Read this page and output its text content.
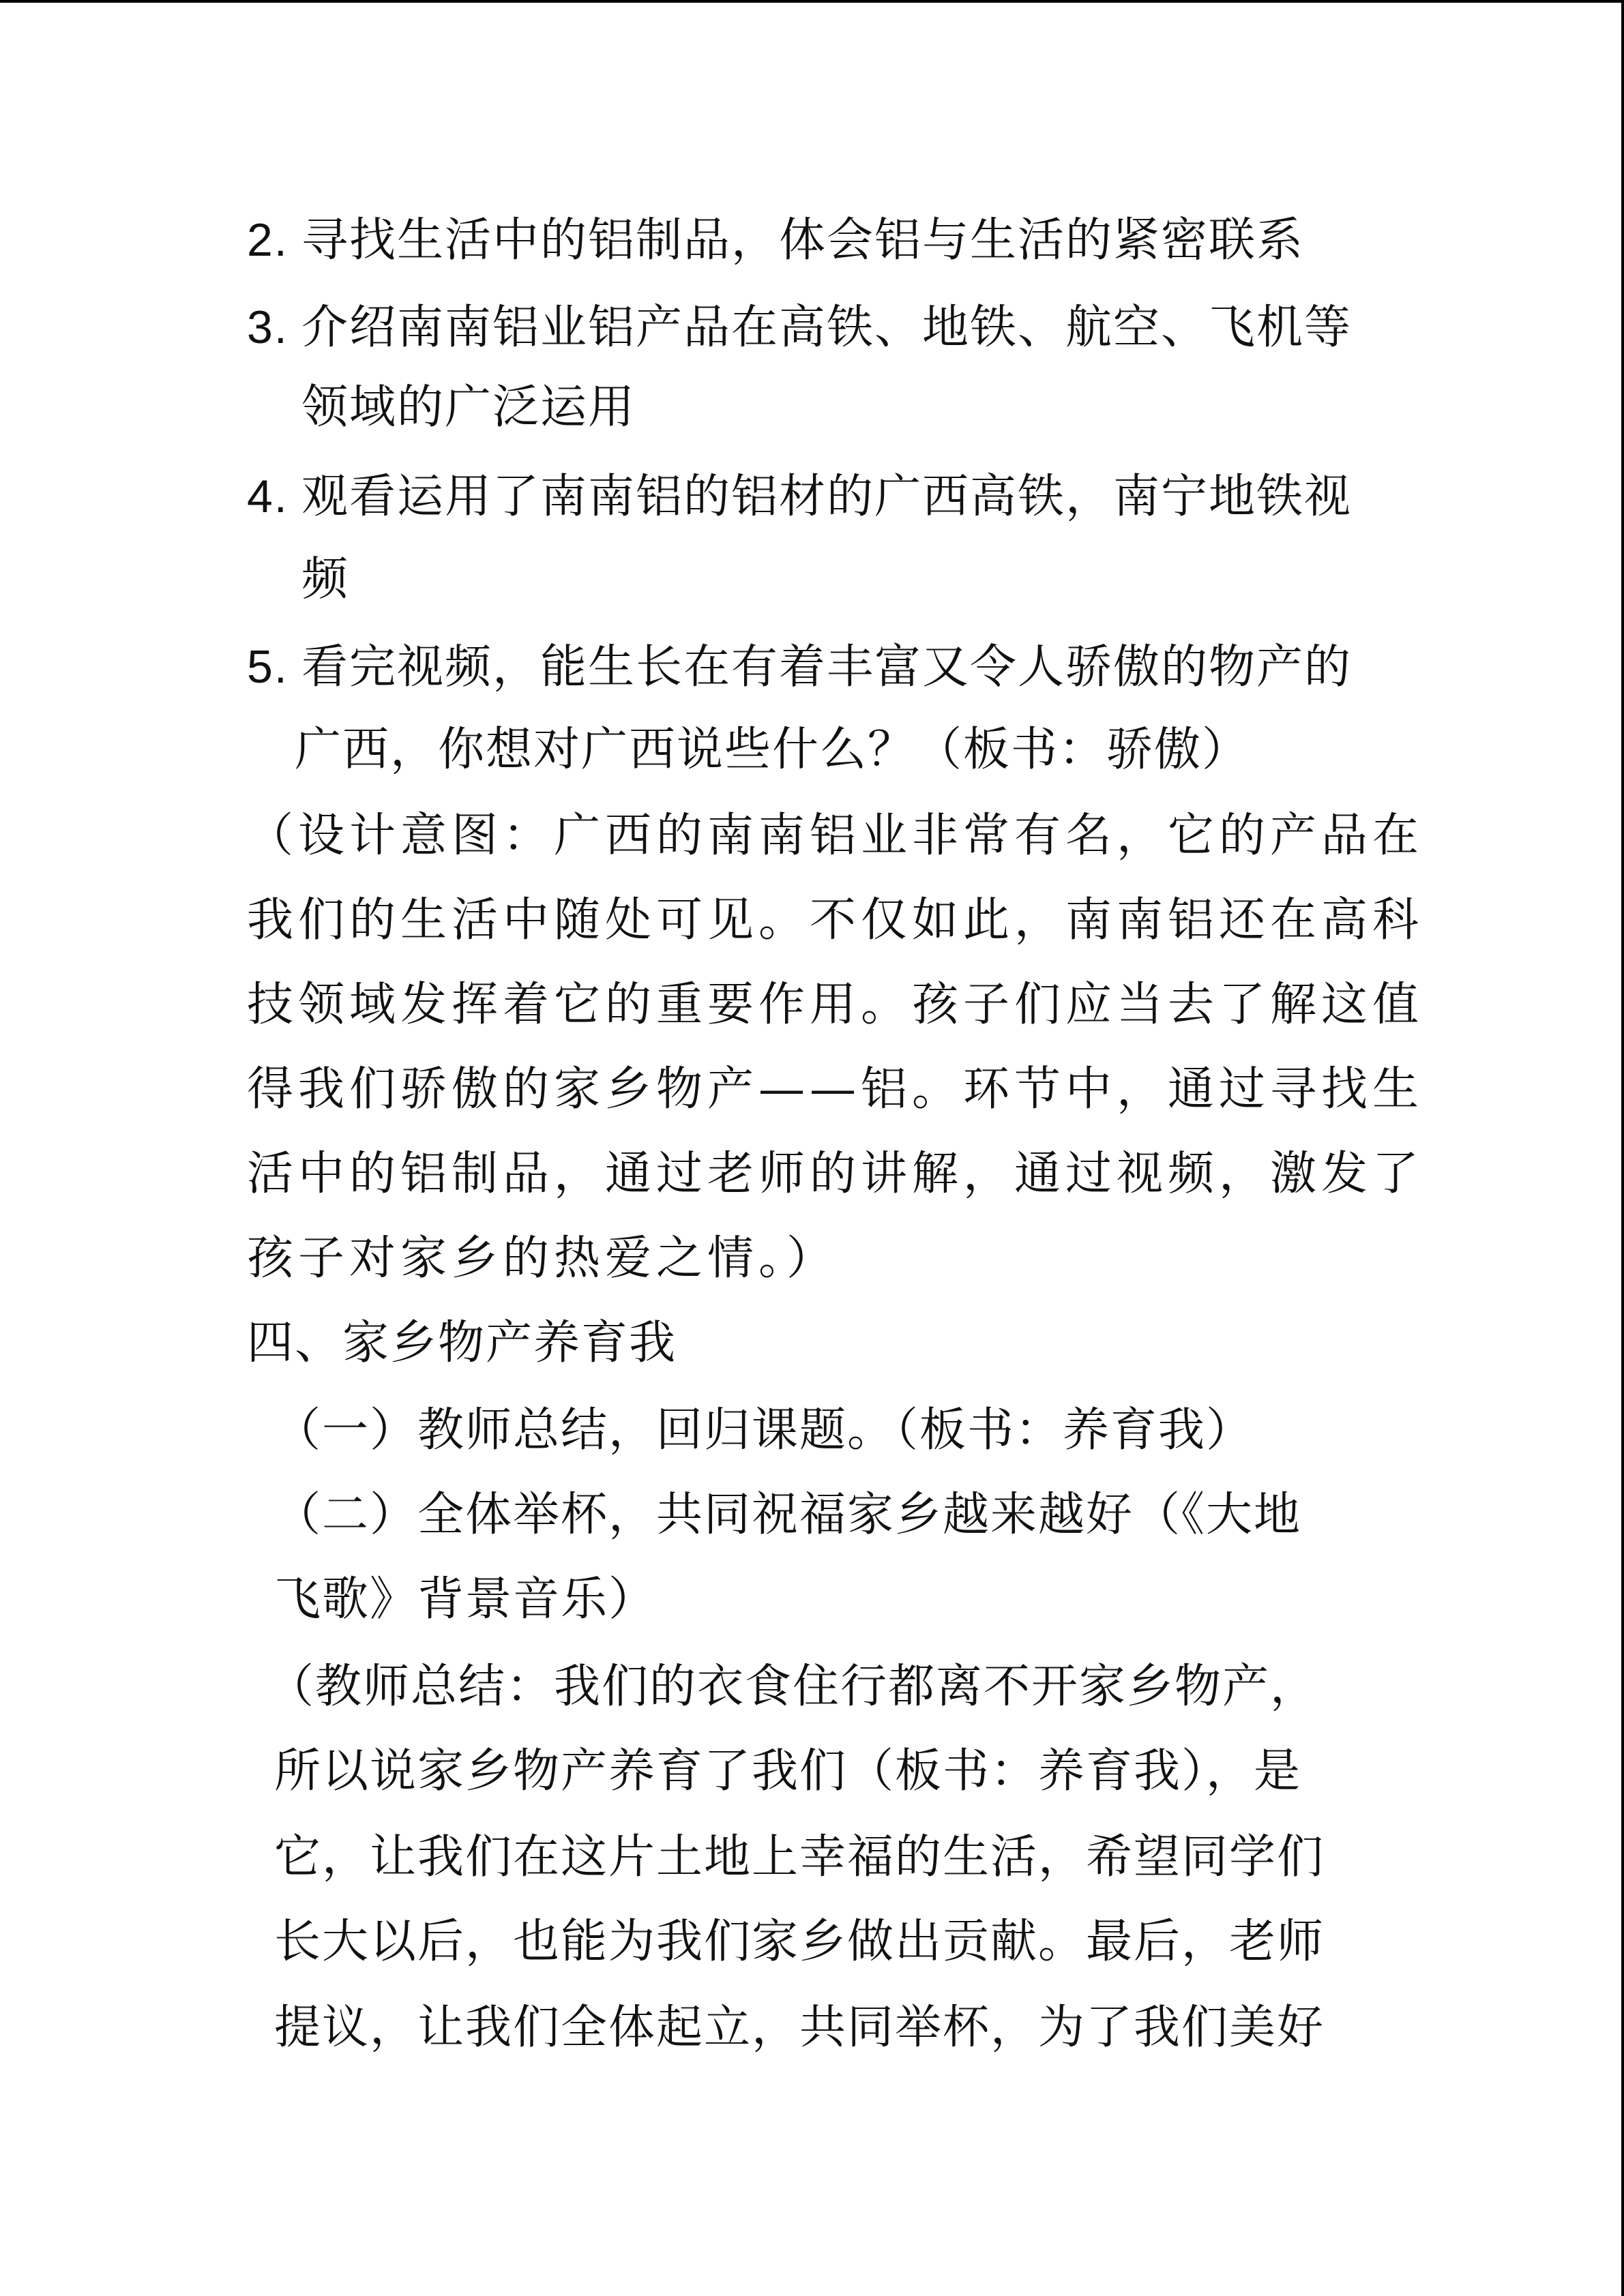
2. 寻找生活中的铝制品，体会铝与生活的紧密联系
3. 介绍南南铝业铝产品在高铁、地铁、航空、飞机等
领域的广泛运用
4. 观看运用了南南铝的铝材的广西高铁，南宁地铁视
频
5. 看完视频，能生长在有着丰富又令人骄傲的物产的
广西，你想对广西说些什么？（板书：骄傲）
（设计意图：广西的南南铝业非常有名，它的产品在
我们的生活中随处可见。不仅如此，南南铝还在高科
技领域发挥着它的重要作用。孩子们应当去了解这值
得我们骄傲的家乡物产——铝。环节中，通过寻找生
活中的铝制品，通过老师的讲解，通过视频，激发了
孩子对家乡的热爱之情。）
四、家乡物产养育我
（一）教师总结，回归课题。（板书：养育我）
（二）全体举杯，共同祝福家乡越来越好（《大地
飞歌》背景音乐）
（教师总结：我们的衣食住行都离不开家乡物产，
所以说家乡物产养育了我们（板书：养育我），是
它，让我们在这片土地上幸福的生活，希望同学们
长大以后，也能为我们家乡做出贡献。最后，老师
提议，让我们全体起立，共同举杯，为了我们美好
